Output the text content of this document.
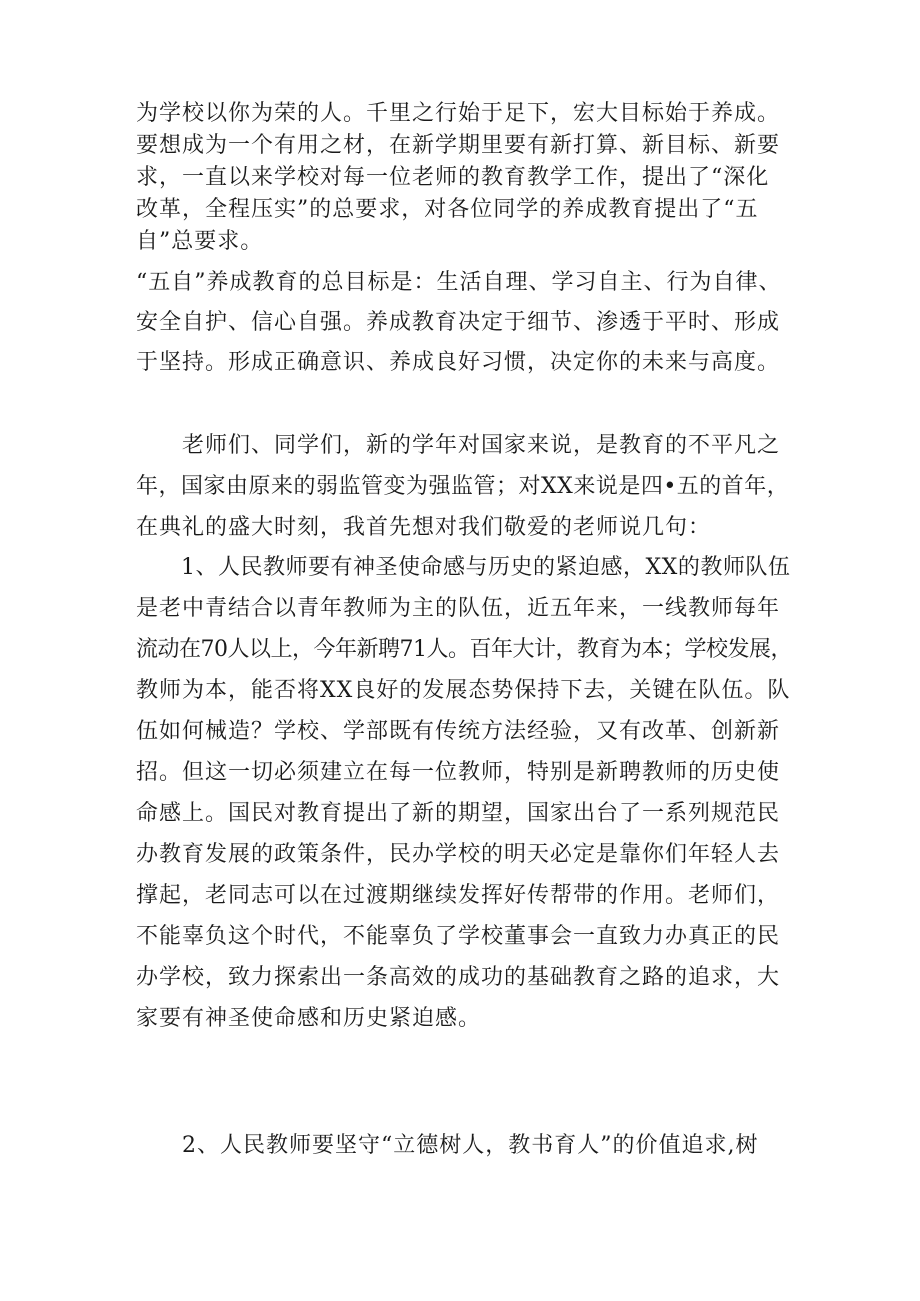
为学校以你为荣的人。千里之行始于足下，宏大目标始于养成。
要想成为一个有用之材，在新学期里要有新打算、新目标、新要
求，一直以来学校对每一位老师的教育教学工作，提出了“深化
改革，全程压实”的总要求，对各位同学的养成教育提出了“五
自”总要求。
“五自”养成教育的总目标是：生活自理、学习自主、行为自律、
安全自护、信心自强。养成教育决定于细节、渗透于平时、形成
于坚持。形成正确意识、养成良好习惯，决定你的未来与高度。
　　老师们、同学们，新的学年对国家来说，是教育的不平凡之
年，国家由原来的弱监管变为强监管；对XX来说是四•五的首年，
在典礼的盛大时刻，我首先想对我们敬爱的老师说几句：
　　1、人民教师要有神圣使命感与历史的紧迫感，XX的教师队伍
是老中青结合以青年教师为主的队伍，近五年来，一线教师每年
流动在70人以上，今年新聘71人。百年大计，教育为本；学校发展，
教师为本，能否将XX良好的发展态势保持下去，关键在队伍。队
伍如何械造？学校、学部既有传统方法经验，又有改革、创新新
招。但这一切必须建立在每一位教师，特别是新聘教师的历史使
命感上。国民对教育提出了新的期望，国家出台了一系列规范民
办教育发展的政策条件，民办学校的明天必定是靠你们年轻人去
撑起，老同志可以在过渡期继续发挥好传帮带的作用。老师们，
不能辜负这个时代，不能辜负了学校董事会一直致力办真正的民
办学校，致力探索出一条高效的成功的基础教育之路的追求，大
家要有神圣使命感和历史紧迫感。
　　2、人民教师要坚守“立德树人，教书育人”的价值追求,树
